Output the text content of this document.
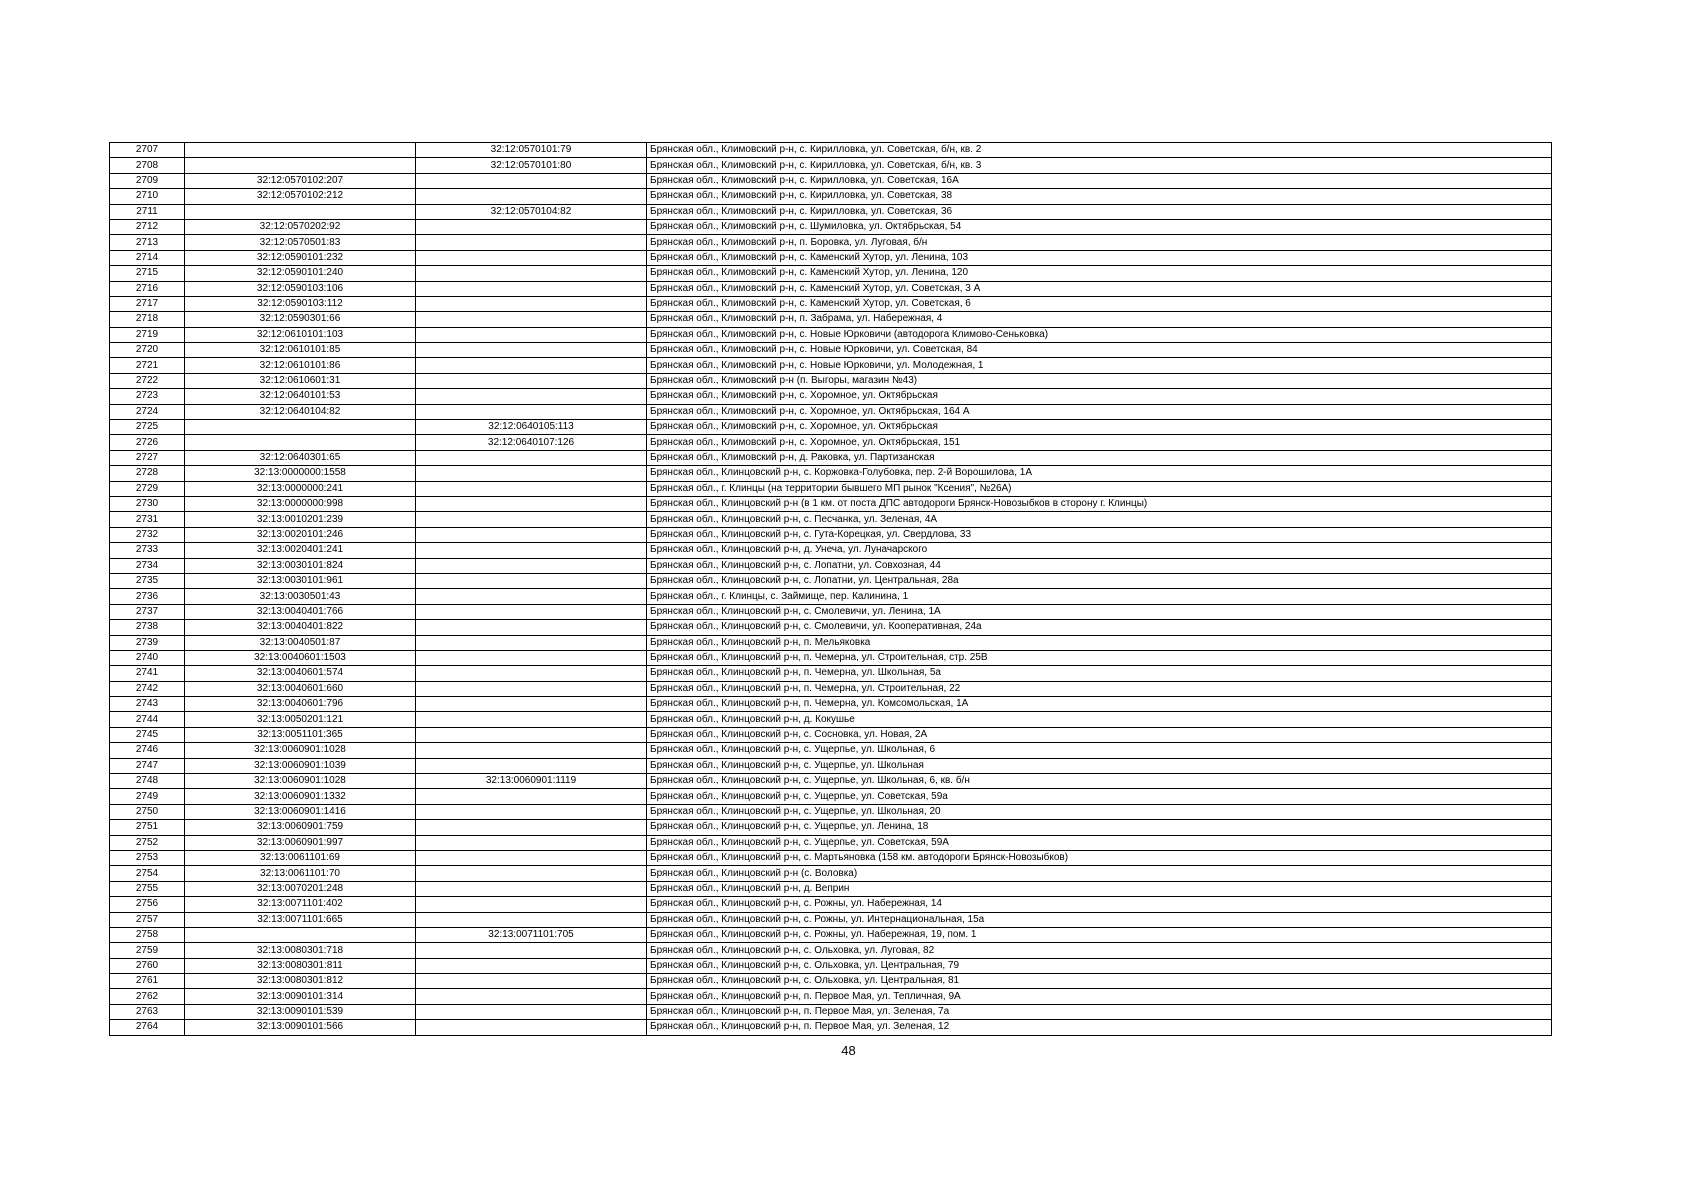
2707		32:12:0570101:79	Брянская обл., Климовский р-н, с. Кирилловка, ул. Советская, б/н, кв. 2
2708		32:12:0570101:80	Брянская обл., Климовский р-н, с. Кирилловка, ул. Советская, б/н, кв. 3
2709	32:12:0570102:207		Брянская обл., Климовский р-н, с. Кирилловка, ул. Советская, 16А
2710	32:12:0570102:212		Брянская обл., Климовский р-н, с. Кирилловка, ул. Советская, 38
2711		32:12:0570104:82	Брянская обл., Климовский р-н, с. Кирилловка, ул. Советская, 36
2712	32:12:0570202:92		Брянская обл., Климовский р-н, с. Шумиловка, ул. Октябрьская, 54
2713	32:12:0570501:83		Брянская обл., Климовский р-н, п. Боровка, ул. Луговая, б/н
2714	32:12:0590101:232		Брянская обл., Климовский р-н, с. Каменский Хутор, ул. Ленина, 103
2715	32:12:0590101:240		Брянская обл., Климовский р-н, с. Каменский Хутор, ул. Ленина, 120
2716	32:12:0590103:106		Брянская обл., Климовский р-н, с. Каменский Хутор, ул. Советская, 3 А
2717	32:12:0590103:112		Брянская обл., Климовский р-н, с. Каменский Хутор, ул. Советская, 6
2718	32:12:0590301:66		Брянская обл., Климовский р-н, п. Забрама, ул. Набережная, 4
2719	32:12:0610101:103		Брянская обл., Климовский р-н, с. Новые Юрковичи (автодорога Климово-Сеньковка)
2720	32:12:0610101:85		Брянская обл., Климовский р-н, с. Новые Юрковичи, ул. Советская, 84
2721	32:12:0610101:86		Брянская обл., Климовский р-н, с. Новые Юрковичи, ул. Молодежная, 1
2722	32:12:0610601:31		Брянская обл., Климовский р-н (п. Выгоры, магазин №43)
2723	32:12:0640101:53		Брянская обл., Климовский р-н, с. Хоромное, ул. Октябрьская
2724	32:12:0640104:82		Брянская обл., Климовский р-н, с. Хоромное, ул. Октябрьская, 164 А
2725		32:12:0640105:113	Брянская обл., Климовский р-н, с. Хоромное, ул. Октябрьская
2726		32:12:0640107:126	Брянская обл., Климовский р-н, с. Хоромное, ул. Октябрьская, 151
2727	32:12:0640301:65		Брянская обл., Климовский р-н, д. Раковка, ул. Партизанская
2728	32:13:0000000:1558		Брянская обл., Клинцовский р-н, с. Коржовка-Голубовка, пер. 2-й Ворошилова, 1А
2729	32:13:0000000:241		Брянская обл., г. Клинцы (на территории бывшего МП рынок "Ксения", №26А)
2730	32:13:0000000:998		Брянская обл., Клинцовский р-н (в 1 км. от поста ДПС автодороги Брянск-Новозыбков в сторону г. Клинцы)
2731	32:13:0010201:239		Брянская обл., Клинцовский р-н, с. Песчанка, ул. Зеленая, 4А
2732	32:13:0020101:246		Брянская обл., Клинцовский р-н, с. Гута-Корецкая, ул. Свердлова, 33
2733	32:13:0020401:241		Брянская обл., Клинцовский р-н, д. Унеча, ул. Луначарского
2734	32:13:0030101:824		Брянская обл., Клинцовский р-н, с. Лопатни, ул. Совхозная, 44
2735	32:13:0030101:961		Брянская обл., Клинцовский р-н, с. Лопатни, ул. Центральная, 28а
2736	32:13:0030501:43		Брянская обл., г. Клинцы, с. Займище, пер. Калинина, 1
2737	32:13:0040401:766		Брянская обл., Клинцовский р-н, с. Смолевичи, ул. Ленина, 1А
2738	32:13:0040401:822		Брянская обл., Клинцовский р-н, с. Смолевичи, ул. Кооперативная, 24а
2739	32:13:0040501:87		Брянская обл., Клинцовский р-н, п. Мельяковка
2740	32:13:0040601:1503		Брянская обл., Клинцовский р-н, п. Чемерна, ул. Строительная, стр. 25В
2741	32:13:0040601:574		Брянская обл., Клинцовский р-н, п. Чемерна, ул. Школьная, 5а
2742	32:13:0040601:660		Брянская обл., Клинцовский р-н, п. Чемерна, ул. Строительная, 22
2743	32:13:0040601:796		Брянская обл., Клинцовский р-н, п. Чемерна, ул. Комсомольская, 1А
2744	32:13:0050201:121		Брянская обл., Клинцовский р-н, д. Кокушье
2745	32:13:0051101:365		Брянская обл., Клинцовский р-н, с. Сосновка, ул. Новая, 2А
2746	32:13:0060901:1028		Брянская обл., Клинцовский р-н, с. Ущерпье, ул. Школьная, 6
2747	32:13:0060901:1039		Брянская обл., Клинцовский р-н, с. Ущерпье, ул. Школьная
2748	32:13:0060901:1028	32:13:0060901:1119	Брянская обл., Клинцовский р-н, с. Ущерпье, ул. Школьная, 6, кв. б/н
2749	32:13:0060901:1332		Брянская обл., Клинцовский р-н, с. Ущерпье, ул. Советская, 59а
2750	32:13:0060901:1416		Брянская обл., Клинцовский р-н, с. Ущерпье, ул. Школьная, 20
2751	32:13:0060901:759		Брянская обл., Клинцовский р-н, с. Ущерпье, ул. Ленина, 18
2752	32:13:0060901:997		Брянская обл., Клинцовский р-н, с. Ущерпье, ул. Советская, 59А
2753	32:13:0061101:69		Брянская обл., Клинцовский р-н, с. Мартьяновка (158 км. автодороги Брянск-Новозыбков)
2754	32:13:0061101:70		Брянская обл., Клинцовский р-н (с. Воловка)
2755	32:13:0070201:248		Брянская обл., Клинцовский р-н, д. Веприн
2756	32:13:0071101:402		Брянская обл., Клинцовский р-н, с. Рожны, ул. Набережная, 14
2757	32:13:0071101:665		Брянская обл., Клинцовский р-н, с. Рожны, ул. Интернациональная, 15а
2758		32:13:0071101:705	Брянская обл., Клинцовский р-н, с. Рожны, ул. Набережная, 19, пом. 1
2759	32:13:0080301:718		Брянская обл., Клинцовский р-н, с. Ольховка, ул. Луговая, 82
2760	32:13:0080301:811		Брянская обл., Клинцовский р-н, с. Ольховка, ул. Центральная, 79
2761	32:13:0080301:812		Брянская обл., Клинцовский р-н, с. Ольховка, ул. Центральная, 81
2762	32:13:0090101:314		Брянская обл., Клинцовский р-н, п. Первое Мая, ул. Тепличная, 9А
2763	32:13:0090101:539		Брянская обл., Клинцовский р-н, п. Первое Мая, ул. Зеленая, 7а
2764	32:13:0090101:566		Брянская обл., Клинцовский р-н, п. Первое Мая, ул. Зеленая, 12
48
